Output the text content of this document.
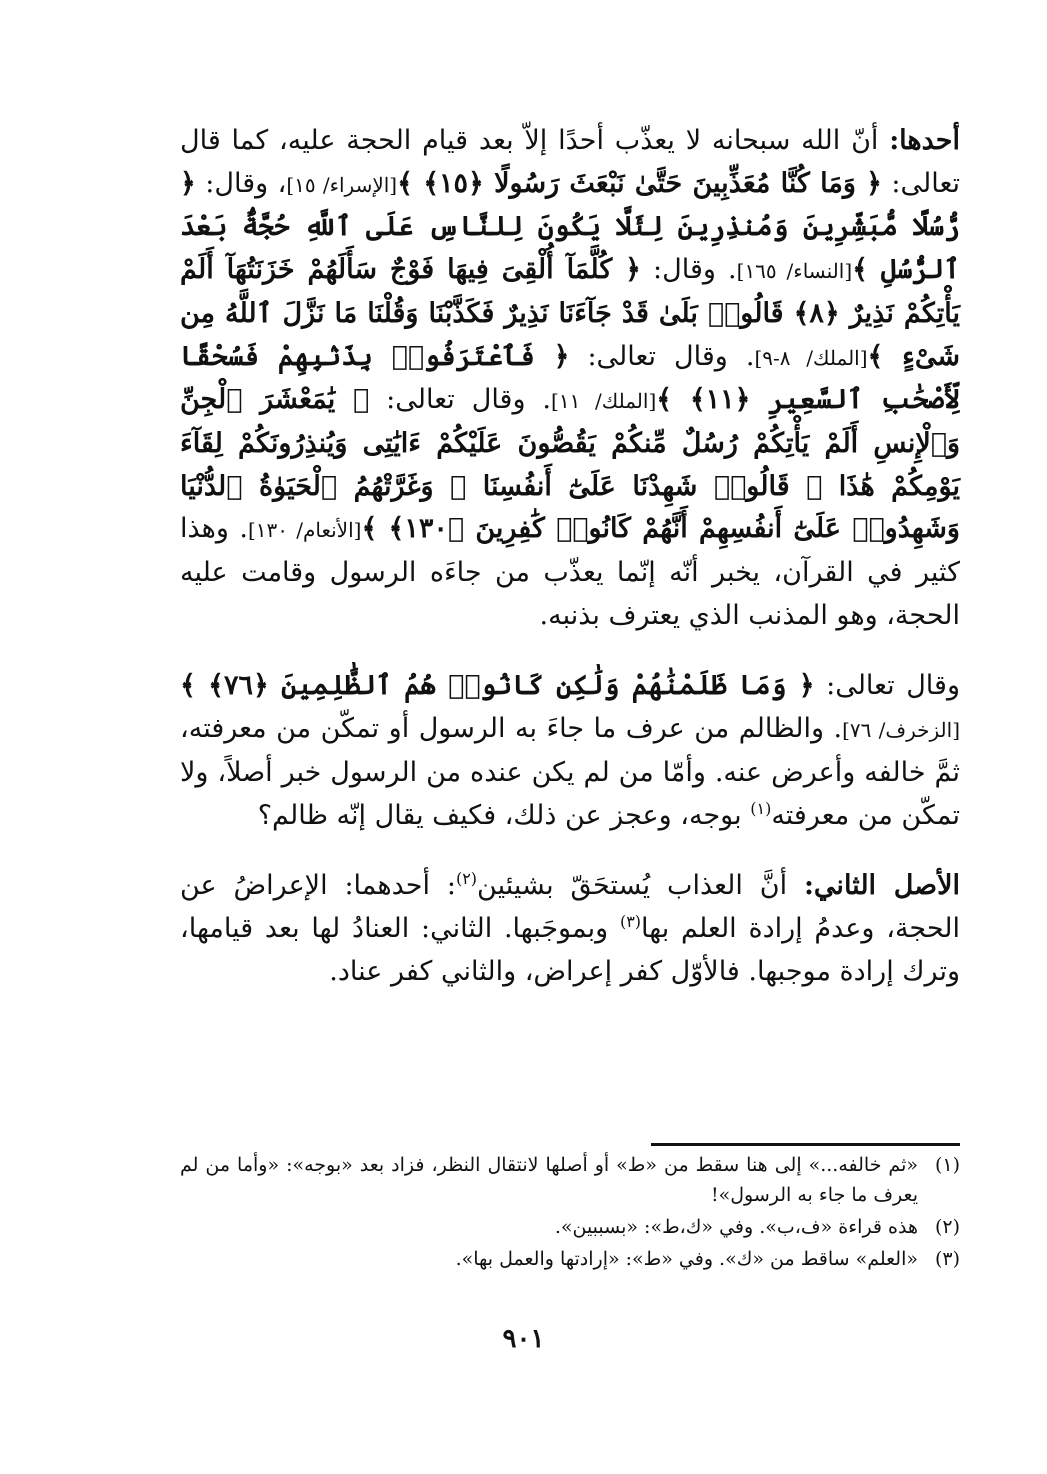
أحدها: أنّ الله سبحانه لا يعذّب أحدًا إلاّ بعد قيام الحجة عليه، كما قال تعالى: ﴿ وَمَا كُنَّا مُعَذِّبِينَ حَتَّىٰ نَبْعَثَ رَسُولًا ﴿١٥﴾ ﴾[الإسراء/ ١٥]، وقال: ﴿ رُّسُلًا مُّبَشِّرِينَ وَمُنذِرِينَ لِئَلَّا يَكُونَ لِلنَّاسِ عَلَى ٱللَّهِ حُجَّةٌۢ بَعْدَ ٱلرُّسُلِ ﴾[النساء/ ١٦٥]. وقال: ﴿ كُلَّمَآ أُلْقِىَ فِيهَا فَوْجٌ سَأَلَهُمْ خَزَنَتُهَآ أَلَمْ يَأْتِكُمْ نَذِيرٌ ﴿٨﴾ قَالُوا۟ بَلَىٰ قَدْ جَآءَنَا نَذِيرٌ فَكَذَّبْنَا وَقُلْنَا مَا نَزَّلَ ٱللَّهُ مِن شَىْءٍ ﴾[الملك/ ٨-٩]. وقال تعالى: ﴿ فَٱعْتَرَفُوا۟ بِذَنۢبِهِمْ فَسُحْقًا لِّأَصْحَٰبِ ٱلسَّعِيرِ ﴿١١﴾ ﴾[الملك/ ١١]. وقال تعالى: ﴿ يَٰمَعْشَرَ ٱلْجِنِّ وَٱلْإِنسِ أَلَمْ يَأْتِكُمْ رُسُلٌ مِّنكُمْ يَقُصُّونَ عَلَيْكُمْ ءَايَٰتِى وَيُنذِرُونَكُمْ لِقَآءَ يَوْمِكُمْ هَٰذَا ۚ قَالُوا۟ شَهِدْنَا عَلَىٰٓ أَنفُسِنَا ۖ وَغَرَّتْهُمُ ٱلْحَيَوٰةُ ٱلدُّنْيَا وَشَهِدُوا۟ عَلَىٰٓ أَنفُسِهِمْ أَنَّهُمْ كَانُوا۟ كَٰفِرِينَ ﴿١٣٠﴾ ﴾[الأنعام/ ١٣٠]. وهذا كثير في القرآن، يخبر أنّه إنّما يعذّب من جاءَه الرسول وقامت عليه الحجة، وهو المذنب الذي يعترف بذنبه.

وقال تعالى: ﴿ وَمَا ظَلَمْنَٰهُمْ وَلَٰكِن كَانُوا۟ هُمُ ٱلظَّٰلِمِينَ ﴿٧٦﴾ ﴾[الزخرف/ ٧٦]. والظالم من عرف ما جاءَ به الرسول أو تمكّن من معرفته، ثمَّ خالفه وأعرض عنه. وأمّا من لم يكن عنده من الرسول خبر أصلاً، ولا تمكّن من معرفته$^{(١)}$ بوجه، وعجز عن ذلك، فكيف يقال إنّه ظالم؟

الأصل الثاني: أنَّ العذاب يُستحَقّ بشيئين$^{(٢)}$: أحدهما: الإعراضُ عن الحجة، وعدمُ إرادة العلم بها$^{(٣)}$ وبموجَبها. الثاني: العنادُ لها بعد قيامها، وترك إرادة موجبها. فالأوّل كفر إعراض، والثاني كفر عناد.

(١)
«ثم خالفه...» إلى هنا سقط من «ط» أو أصلها لانتقال النظر، فزاد بعد «بوجه»: «وأما من لم يعرف ما جاء به الرسول»!

(٢)
هذه قراءة «ف،ب». وفي «ك،ط»: «بسببين».

(٣)
«العلم» ساقط من «ك». وفي «ط»: «إرادتها والعمل بها».

٩٠١
